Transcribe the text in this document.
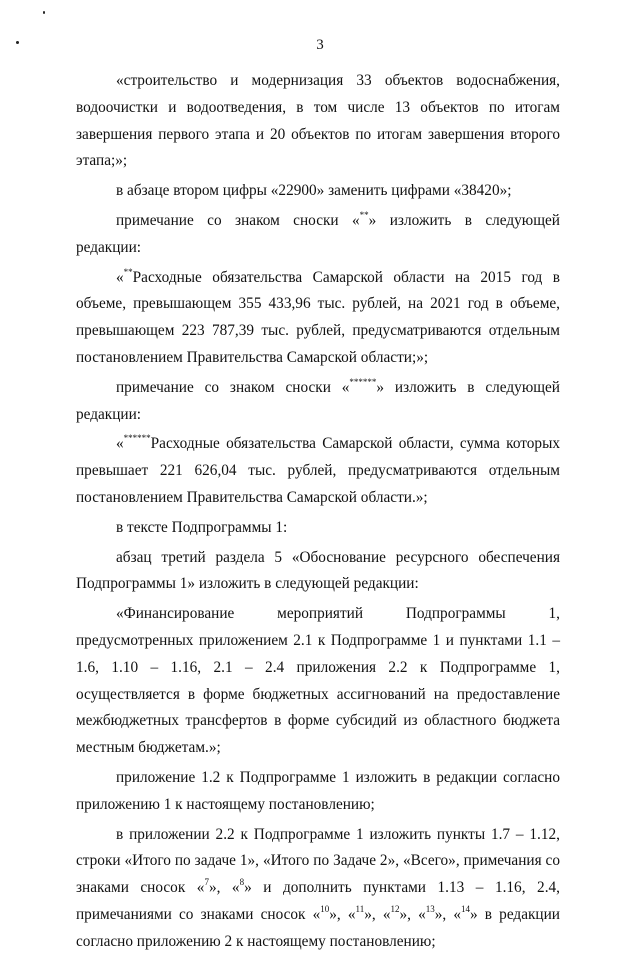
3

«строительство и модернизация 33 объектов водоснабжения, водоочистки и водоотведения, в том числе 13 объектов по итогам завершения первого этапа и 20 объектов по итогам завершения второго этапа;»;

в абзаце втором цифры «22900» заменить цифрами «38420»;

примечание со знаком сноски «**» изложить в следующей редакции:

«**Расходные обязательства Самарской области на 2015 год в объеме, превышающем 355 433,96 тыс. рублей, на 2021 год в объеме, превышающем 223 787,39 тыс. рублей, предусматриваются отдельным постановлением Правительства Самарской области;»;

примечание со знаком сноски «******» изложить в следующей редакции:

«******Расходные обязательства Самарской области, сумма которых превышает 221 626,04 тыс. рублей, предусматриваются отдельным постановлением Правительства Самарской области.»;

в тексте Подпрограммы 1:

абзац третий раздела 5 «Обоснование ресурсного обеспечения Подпрограммы 1» изложить в следующей редакции:

«Финансирование мероприятий Подпрограммы 1, предусмотренных приложением 2.1 к Подпрограмме 1 и пунктами 1.1 – 1.6, 1.10 – 1.16, 2.1 – 2.4 приложения 2.2 к Подпрограмме 1, осуществляется в форме бюджетных ассигнований на предоставление межбюджетных трансфертов в форме субсидий из областного бюджета местным бюджетам.»;

приложение 1.2 к Подпрограмме 1 изложить в редакции согласно приложению 1 к настоящему постановлению;

в приложении 2.2 к Подпрограмме 1 изложить пункты 1.7 – 1.12, строки «Итого по задаче 1», «Итого по Задаче 2», «Всего», примечания со знаками сносок «$^7$», «$^8$» и дополнить пунктами 1.13 – 1.16, 2.4, примечаниями со знаками сносок «$^{10}$», «$^{11}$», «$^{12}$», «$^{13}$», «$^{14}$» в редакции согласно приложению 2 к настоящему постановлению;
